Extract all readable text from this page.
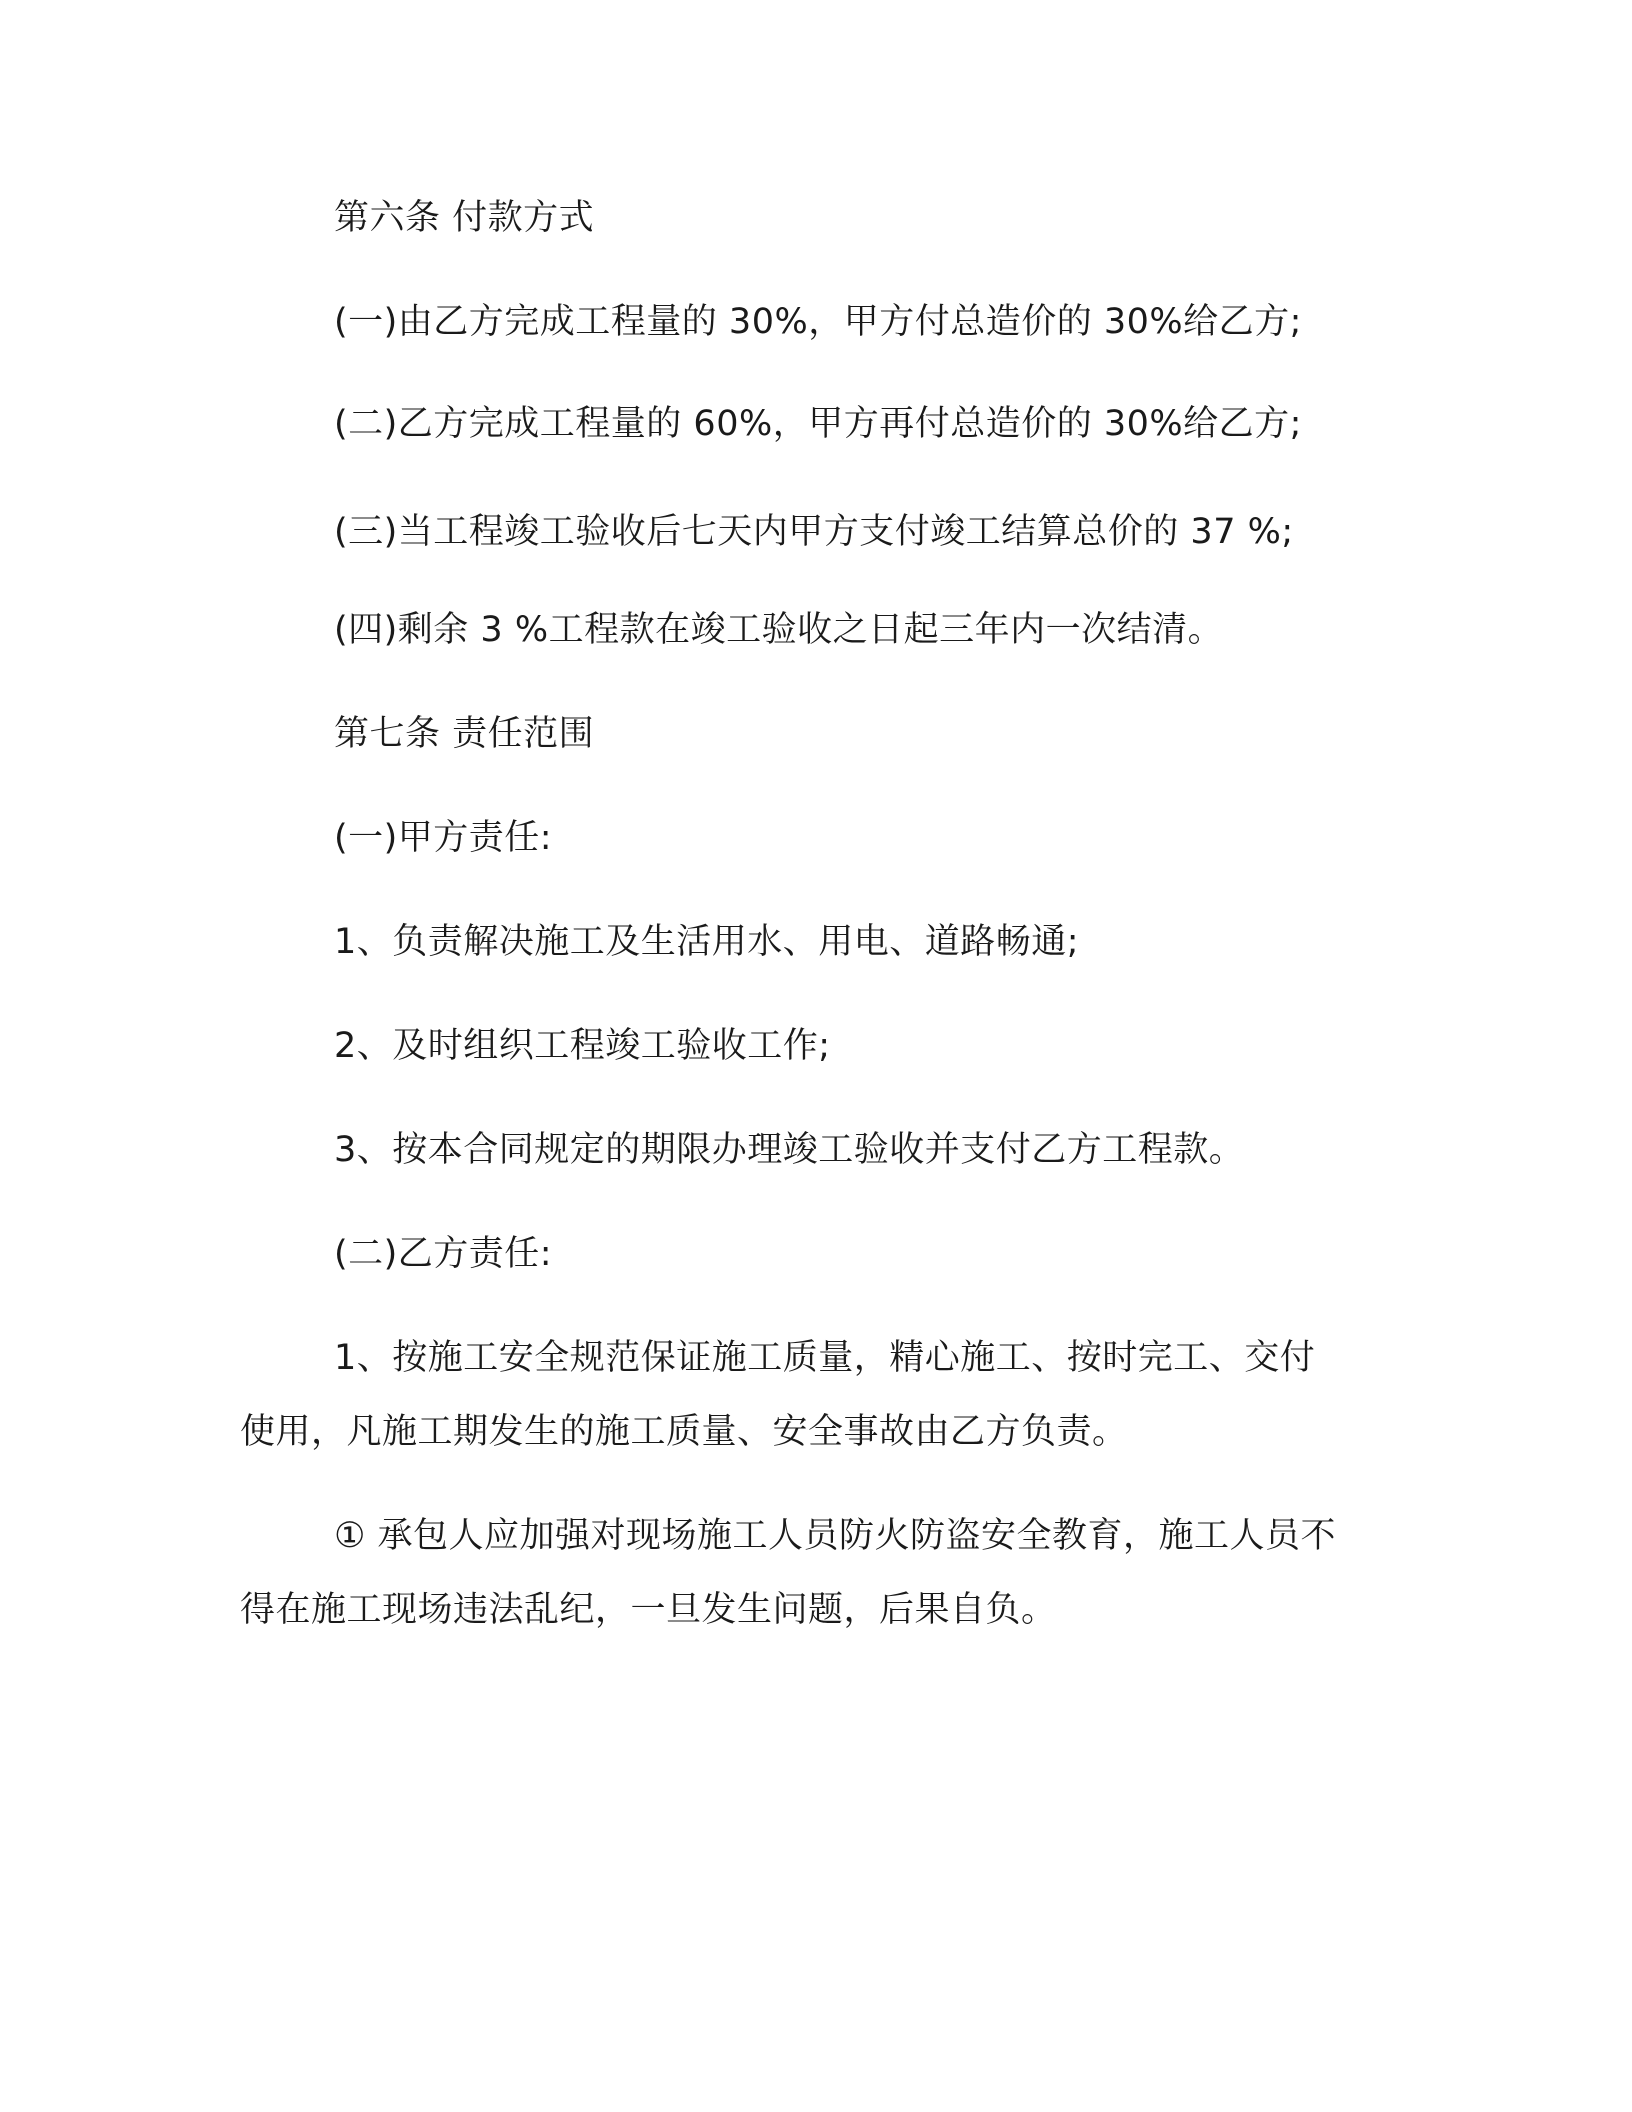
第六条 付款方式
(一)由乙方完成工程量的 30%，甲方付总造价的 30%给乙方;
(二)乙方完成工程量的 60%，甲方再付总造价的 30%给乙方;
(三)当工程竣工验收后七天内甲方支付竣工结算总价的 37 %;
(四)剩余 3 %工程款在竣工验收之日起三年内一次结清。
第七条 责任范围
(一)甲方责任:
1、负责解决施工及生活用水、用电、道路畅通;
2、及时组织工程竣工验收工作;
3、按本合同规定的期限办理竣工验收并支付乙方工程款。
(二)乙方责任:
1、按施工安全规范保证施工质量，精心施工、按时完工、交付
使用，凡施工期发生的施工质量、安全事故由乙方负责。
① 承包人应加强对现场施工人员防火防盗安全教育，施工人员不
得在施工现场违法乱纪，一旦发生问题，后果自负。
